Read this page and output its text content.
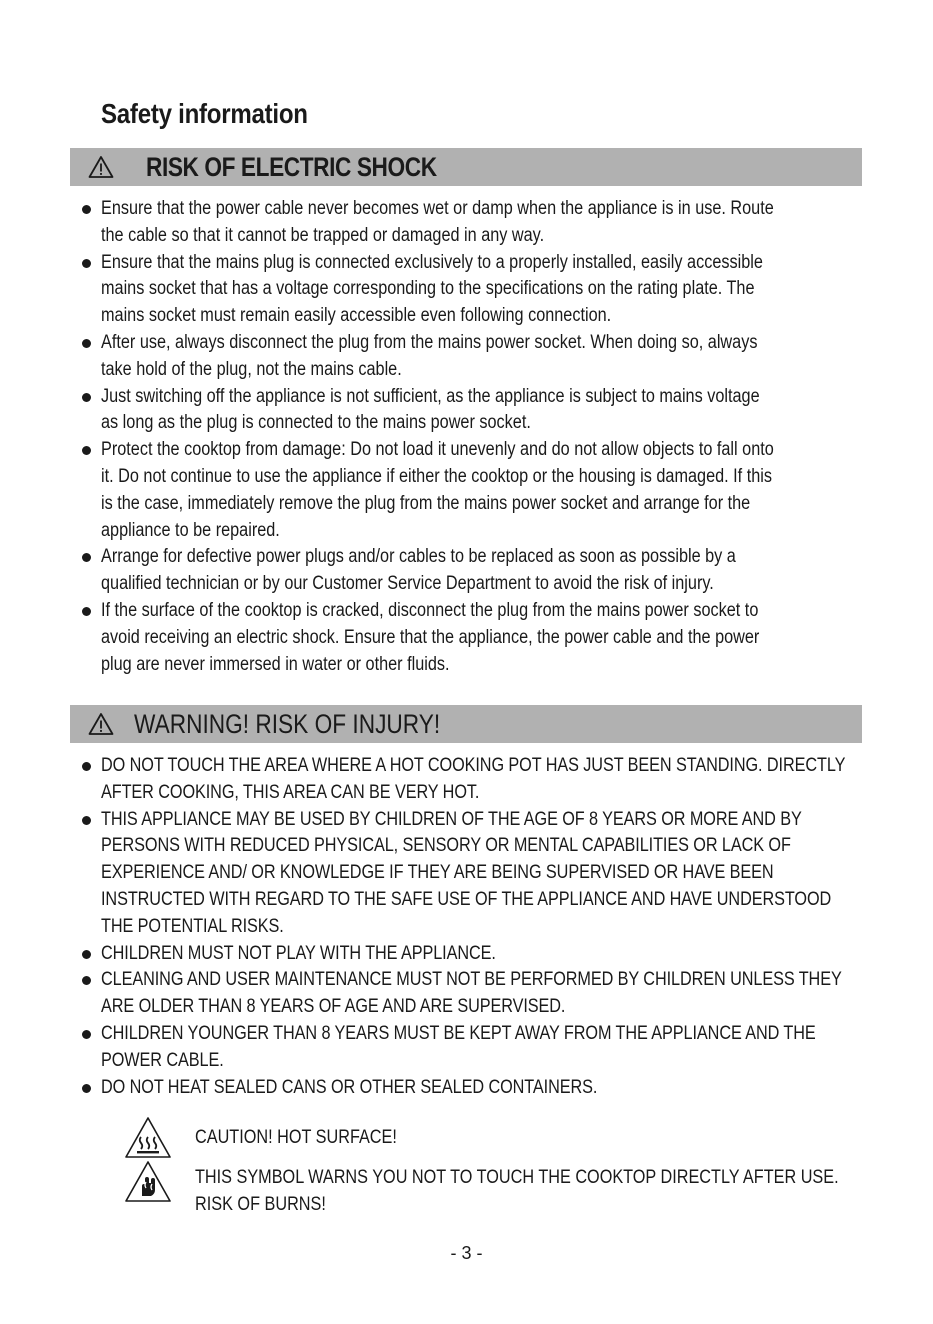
Safety information
RISK OF ELECTRIC SHOCK
Ensure that the power cable never becomes wet or damp when the appliance is in use. Route
the cable so that it cannot be trapped or damaged in any way.
Ensure that the mains plug is connected exclusively to a properly installed, easily accessible
mains socket that has a voltage corresponding to the specifications on the rating plate. The
mains socket must remain easily accessible even following connection.
After use, always disconnect the plug from the mains power socket. When doing so, always
take hold of the plug, not the mains cable.
Just switching off the appliance is not sufficient, as the appliance is subject to mains voltage
as long as the plug is connected to the mains power socket.
Protect the cooktop from damage: Do not load it unevenly and do not allow objects to fall onto
it. Do not continue to use the appliance if either the cooktop or the housing is damaged. If this
is the case, immediately remove the plug from the mains power socket and arrange for the
appliance to be repaired.
Arrange for defective power plugs and/or cables to be replaced as soon as possible by a
qualified technician or by our Customer Service Department to avoid the risk of injury.
If the surface of the cooktop is cracked, disconnect the plug from the mains power socket to
avoid receiving an electric shock. Ensure that the appliance, the power cable and the power
plug are never immersed in water or other fluids.
WARNING! RISK OF INJURY!
DO NOT TOUCH THE AREA WHERE A HOT COOKING POT HAS JUST BEEN STANDING. DIRECTLY
AFTER COOKING, THIS AREA CAN BE VERY HOT.
THIS APPLIANCE MAY BE USED BY CHILDREN OF THE AGE OF 8 YEARS OR MORE AND BY
PERSONS WITH REDUCED PHYSICAL, SENSORY OR MENTAL CAPABILITIES OR LACK OF
EXPERIENCE AND/ OR KNOWLEDGE IF THEY ARE BEING SUPERVISED OR HAVE BEEN
INSTRUCTED WITH REGARD TO THE SAFE USE OF THE APPLIANCE AND HAVE UNDERSTOOD
THE POTENTIAL RISKS.
CHILDREN MUST NOT PLAY WITH THE APPLIANCE.
CLEANING AND USER MAINTENANCE MUST NOT BE PERFORMED BY CHILDREN UNLESS THEY
ARE OLDER THAN 8 YEARS OF AGE AND ARE SUPERVISED.
CHILDREN YOUNGER THAN 8 YEARS MUST BE KEPT AWAY FROM THE APPLIANCE AND THE
POWER CABLE.
DO NOT HEAT SEALED CANS OR OTHER SEALED CONTAINERS.
CAUTION! HOT SURFACE!
THIS SYMBOL WARNS YOU NOT TO TOUCH THE COOKTOP DIRECTLY AFTER USE.
RISK OF BURNS!
- 3 -
